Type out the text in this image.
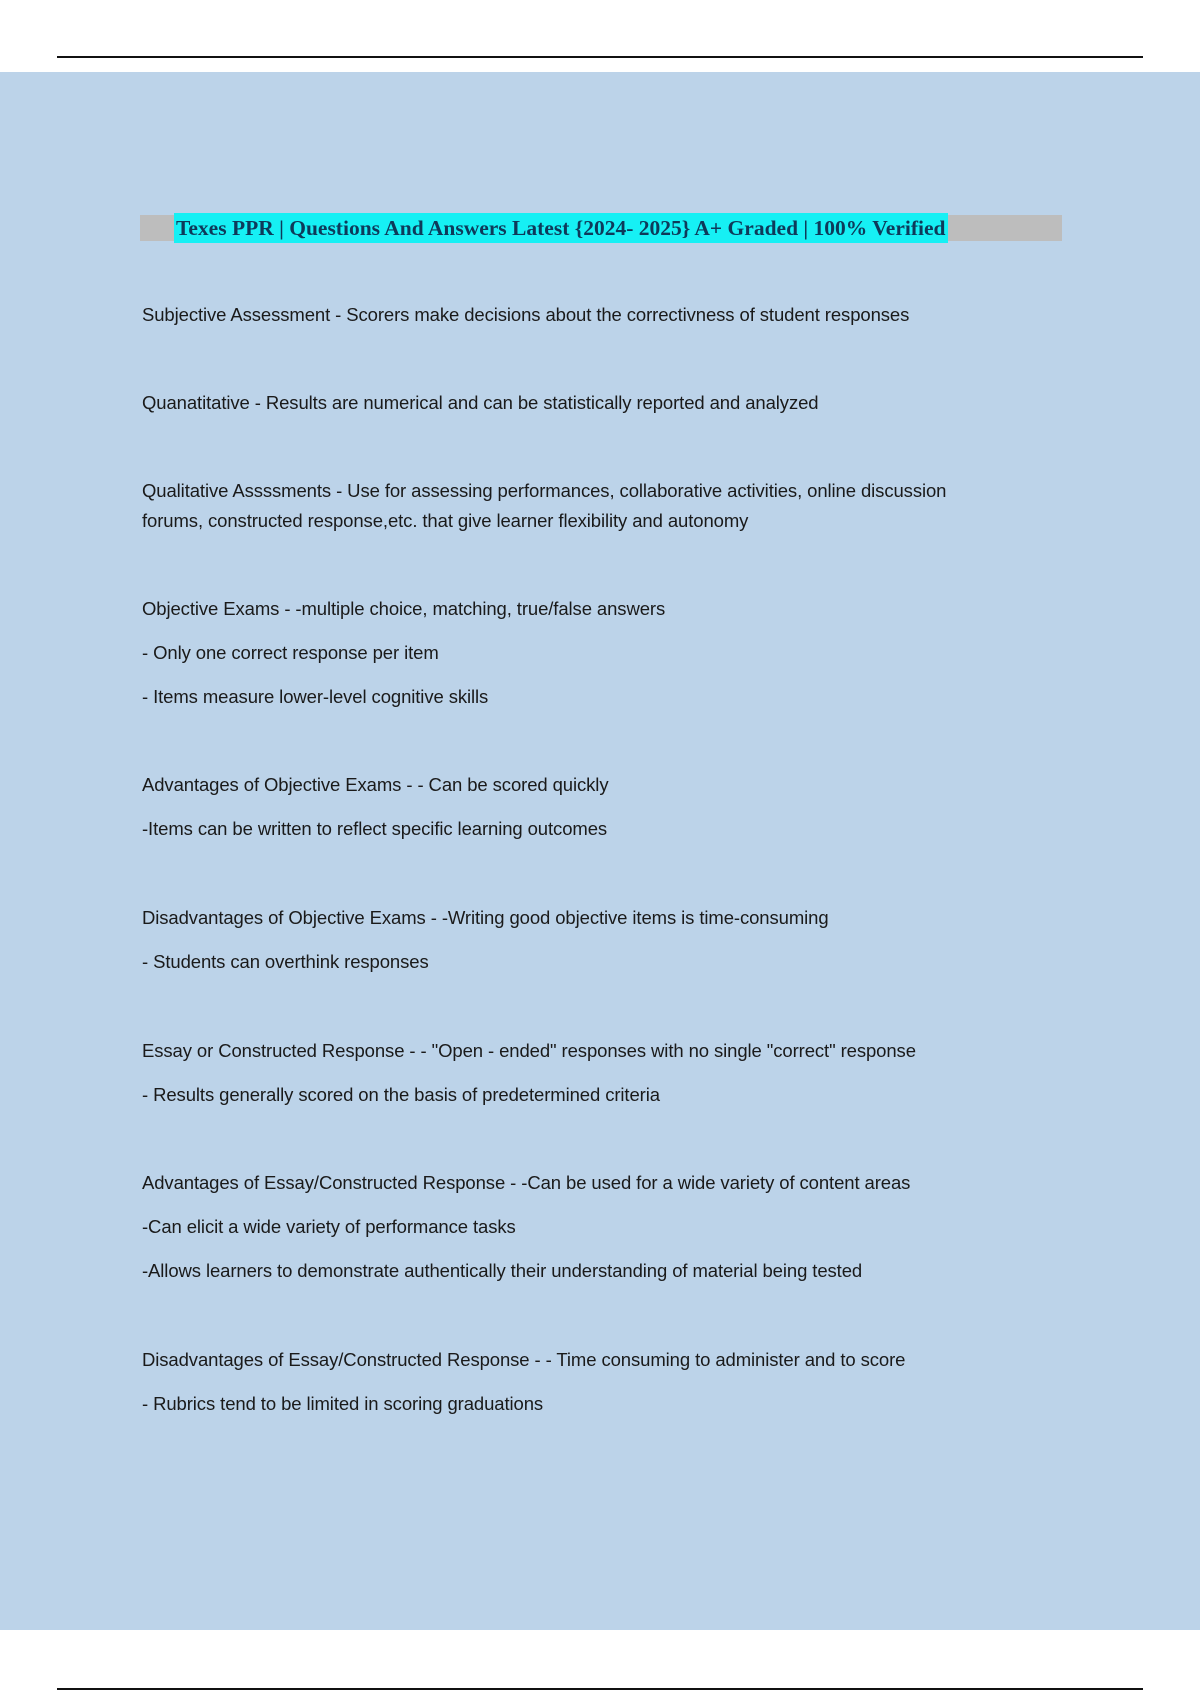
Texes PPR | Questions And Answers Latest {2024- 2025} A+ Graded | 100% Verified
Subjective Assessment - Scorers make decisions about the correctivness of student responses
Quanatitative - Results are numerical and can be statistically reported and analyzed
Qualitative Assssments - Use for assessing performances, collaborative activities, online discussion
forums, constructed response,etc. that give learner flexibility and autonomy
Objective Exams - -multiple choice, matching, true/false answers
- Only one correct response per item
- Items measure lower-level cognitive skills
Advantages of Objective Exams - - Can be scored quickly
-Items can be written to reflect specific learning outcomes
Disadvantages of Objective Exams - -Writing good objective items is time-consuming
- Students can overthink responses
Essay or Constructed Response - - "Open - ended" responses with no single "correct" response
- Results generally scored on the basis of predetermined criteria
Advantages of Essay/Constructed Response - -Can be used for a wide variety of content areas
-Can elicit a wide variety of performance tasks
-Allows learners to demonstrate authentically their understanding of material being tested
Disadvantages of Essay/Constructed Response - - Time consuming to administer and to score
- Rubrics tend to be limited in scoring graduations
